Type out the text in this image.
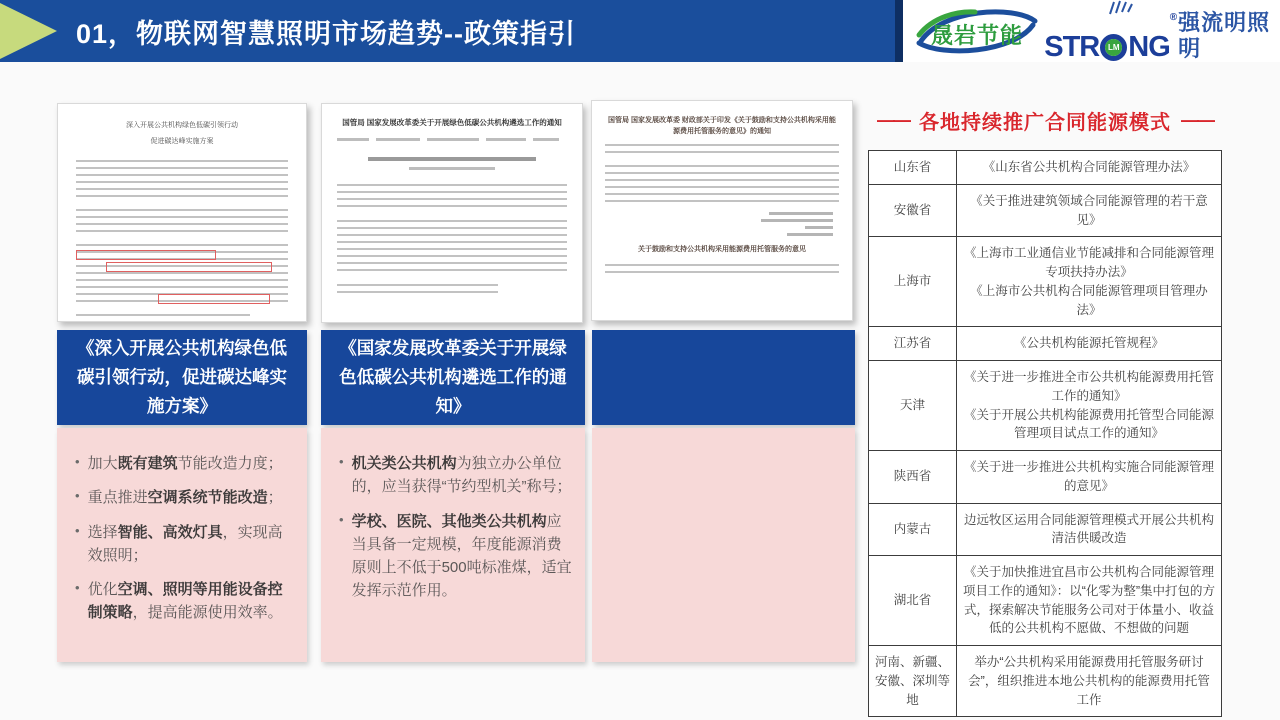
01，物联网智慧照明市场趋势--政策指引	晟岩节能 STR	LM NG
® 强流明照明
深入开展公共机构绿色低碳引领行动
促进碳达峰实施方案
国管局 国家发展改革委关于开展绿色低碳公共机构遴选工作的通知	国管局 国家发展改革委 财政部关于印发《关于鼓励和支持公共机构采用能源费用托管服务的意见》的通知
关于鼓励和支持公共机构采用能源费用托管服务的意见
《深入开展公共机构绿色低碳引领行动，促进碳达峰实施方案》
《国家发展改革委关于开展绿色低碳公共机构遴选工作的通知》
• 加大既有建筑节能改造力度；
• 重点推进空调系统节能改造；
• 选择智能、高效灯具，实现高效照明；
• 优化空调、照明等用能设备控制策略，提高能源使用效率。
• 机关类公共机构为独立办公单位的，应当获得“节约型机关”称号；
• 学校、医院、其他类公共机构应当具备一定规模，年度能源消费原则上不低于500吨标准煤，适宜发挥示范作用。
—— 各地持续推广合同能源模式 ——
山东省	《山东省公共机构合同能源管理办法》

安徽省	《关于推进建筑领域合同能源管理的若干意见》

上海市	《上海市工业通信业节能减排和合同能源管理专项扶持办法》
《上海市公共机构合同能源管理项目管理办法》

江苏省	《公共机构能源托管规程》

天津	《关于进一步推进全市公共机构能源费用托管工作的通知》
《关于开展公共机构能源费用托管型合同能源管理项目试点工作的通知》

陕西省	《关于进一步推进公共机构实施合同能源管理的意见》

内蒙古	边远牧区运用合同能源管理模式开展公共机构清洁供暖改造

湖北省	《关于加快推进宜昌市公共机构合同能源管理项目工作的通知》：以“化零为整”集中打包的方式，探索解决节能服务公司对于体量小、收益低的公共机构不愿做、不想做的问题

河南、新疆、安徽、深圳等地	举办“公共机构采用能源费用托管服务研讨会”，组织推进本地公共机构的能源费用托管工作
